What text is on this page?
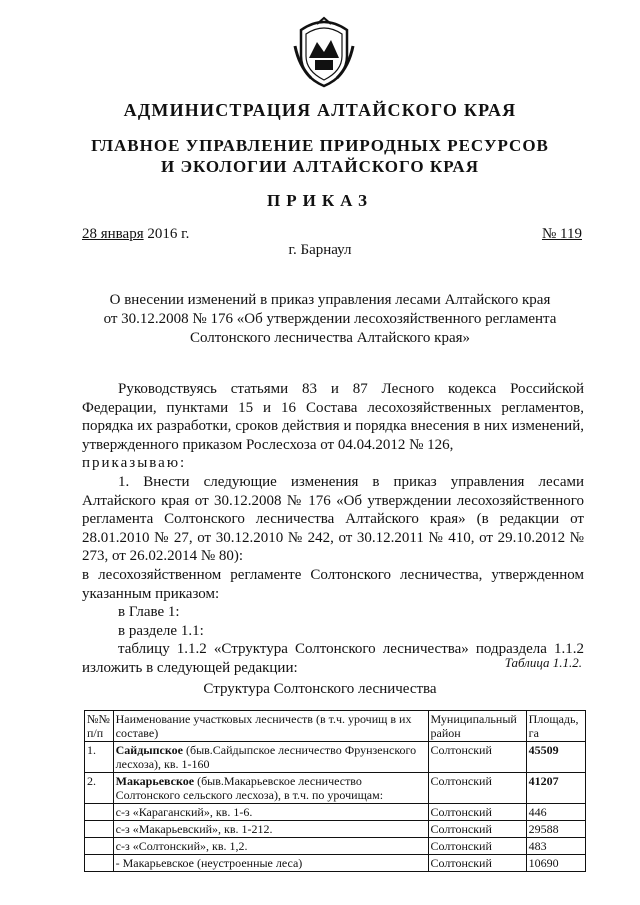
АДМИНИСТРАЦИЯ АЛТАЙСКОГО КРАЯ
ГЛАВНОЕ УПРАВЛЕНИЕ ПРИРОДНЫХ РЕСУРСОВ
И ЭКОЛОГИИ АЛТАЙСКОГО КРАЯ
ПРИКАЗ
28 января 2016 г.	№ 119
г. Барнаул
О внесении изменений в приказ управления лесами Алтайского края
от 30.12.2008 № 176 «Об утверждении лесохозяйственного регламента
Солтонского лесничества Алтайского края»

Руководствуясь статьями 83 и 87 Лесного кодекса Российской Федерации, пунктами 15 и 16 Состава лесохозяйственных регламентов, порядка их разработки, сроков действия и порядка внесения в них изменений, утвержденного приказом Рослесхоза от 04.04.2012 № 126,

приказываю:

1. Внести следующие изменения в приказ управления лесами Алтайского края от 30.12.2008 № 176 «Об утверждении лесохозяйственного регламента Солтонского лесничества Алтайского края» (в редакции от 28.01.2010 № 27, от 30.12.2010 № 242, от 30.12.2011 № 410, от 29.10.2012 № 273, от 26.02.2014 № 80):

в лесохозяйственном регламенте Солтонского лесничества, утвержденном указанным приказом:

в Главе 1:

в разделе 1.1:

таблицу 1.1.2 «Структура Солтонского лесничества» подраздела 1.1.2 изложить в следующей редакции:	Таблица 1.1.2.
Структура Солтонского лесничества
№№ п/п	Наименование участковых лесничеств (в т.ч. урочищ в их составе)	Муниципальный район	Площадь, га
1.	Сайдыпское (быв.Сайдыпское лесничество Фрунзенского лесхоза), кв. 1-160	Солтонский	45509
2.	Макарьевское (быв.Макарьевское лесничество Солтонского сельского лесхоза), в т.ч. по урочищам:	Солтонский	41207
	с-з «Караганский», кв. 1-6.	Солтонский	446
	с-з «Макарьевский», кв. 1-212.	Солтонский	29588
	с-з «Солтонский», кв. 1,2.	Солтонский	483
	- Макарьевское (неустроенные леса)	Солтонский	10690
